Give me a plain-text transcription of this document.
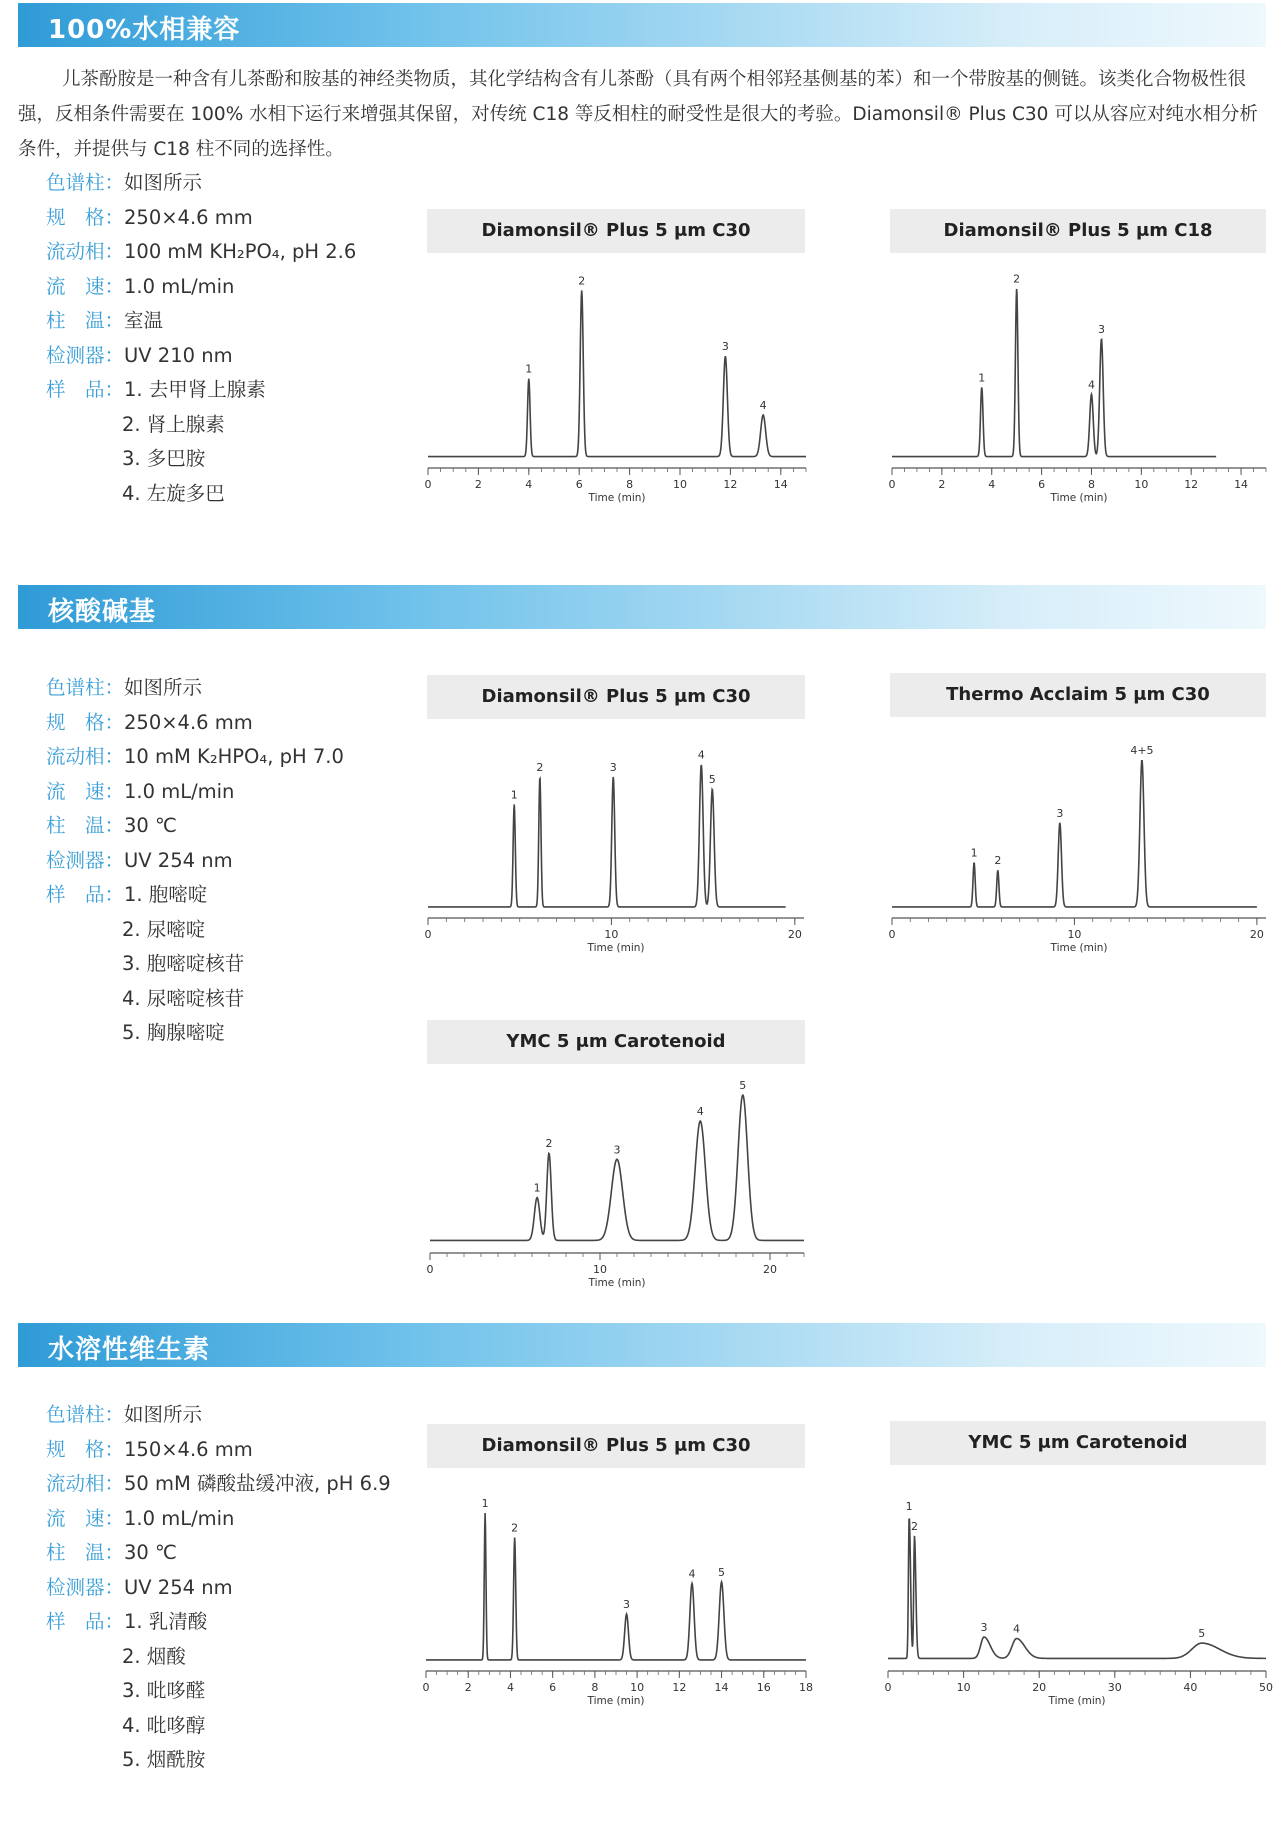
100%水相兼容
儿茶酚胺是一种含有儿茶酚和胺基的神经类物质，其化学结构含有儿茶酚（具有两个相邻羟基侧基的苯）和一个带胺基的侧链。该类化合物极性很强，反相条件需要在 100% 水相下运行来增强其保留，对传统 C18 等反相柱的耐受性是很大的考验。Diamonsil® Plus C30 可以从容应对纯水相分析条件，并提供与 C18 柱不同的选择性。
色谱柱：如图所示
规　格：250×4.6 mm
流动相：100 mM KH₂PO₄, pH 2.6
流　速：1.0 mL/min
柱　温：室温
检测器：UV 210 nm
样　品：1. 去甲肾上腺素
2. 肾上腺素
3. 多巴胺
4. 左旋多巴
Diamonsil® Plus 5 μm C30
0	2	4	6	8	10	12	14
Time (min)
1
2
3
4
Diamonsil® Plus 5 μm C18
0	2	4	6	8	10	12	14
Time (min)
1
2
4
3
核酸碱基
色谱柱：如图所示
规　格：250×4.6 mm
流动相：10 mM K₂HPO₄, pH 7.0
流　速：1.0 mL/min
柱　温：30 ℃
检测器：UV 254 nm
样　品：1. 胞嘧啶
2. 尿嘧啶
3. 胞嘧啶核苷
4. 尿嘧啶核苷
5. 胸腺嘧啶
Diamonsil® Plus 5 μm C30
0	10	20
Time (min)
1
2	3
4
5
Thermo Acclaim 5 μm C30
0	10	20
Time (min)
1
2
3
4+5
YMC 5 μm Carotenoid
0	10	20
Time (min)
1
2	3
4
5
水溶性维生素
色谱柱：如图所示
规　格：150×4.6 mm
流动相：50 mM 磷酸盐缓冲液, pH 6.9
流　速：1.0 mL/min
柱　温：30 ℃
检测器：UV 254 nm
样　品：1. 乳清酸
2. 烟酸
3. 吡哆醛
4. 吡哆醇
5. 烟酰胺
Diamonsil® Plus 5 μm C30
0	2	4	6	8	10	12	14	16	18
Time (min)
1
2
3
4 5
YMC 5 μm Carotenoid
0	10	20	30	40	50
Time (min)
1
2
3 4	5
